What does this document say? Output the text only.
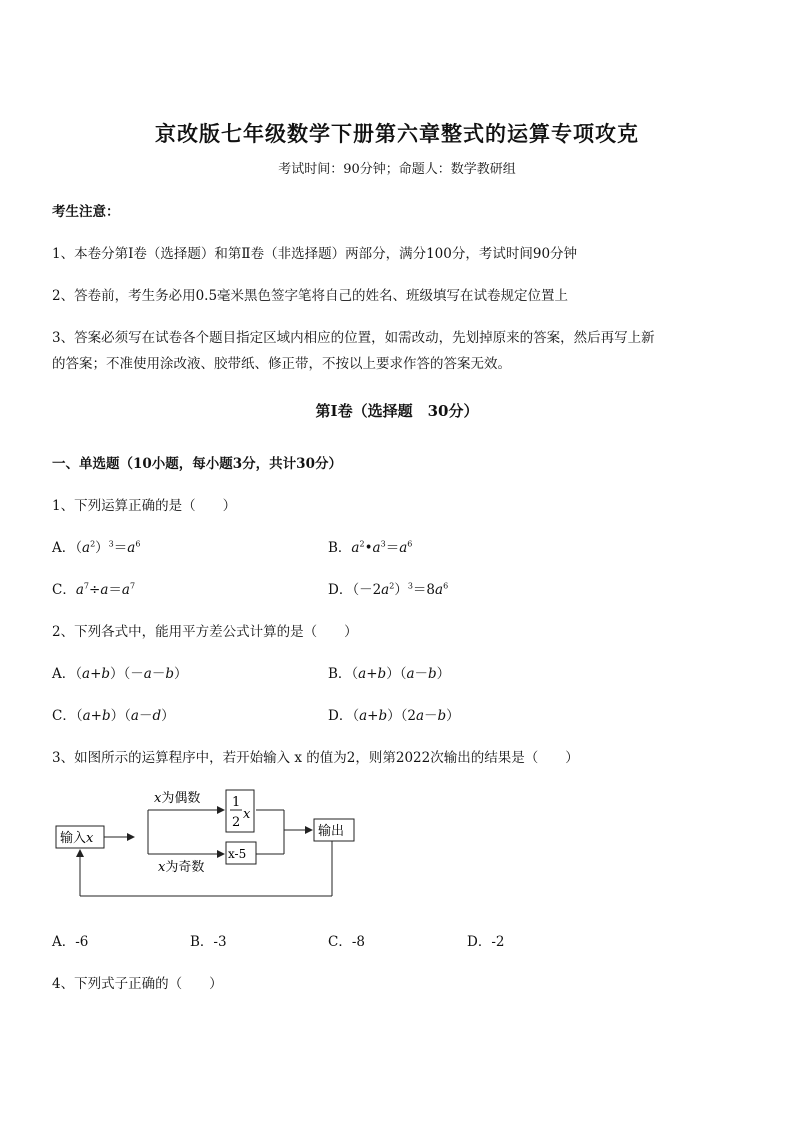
京改版七年级数学下册第六章整式的运算专项攻克
考试时间：90分钟；命题人：数学教研组
考生注意：
1、本卷分第Ⅰ卷（选择题）和第Ⅱ卷（非选择题）两部分，满分100分，考试时间90分钟
2、答卷前，考生务必用0.5毫米黑色签字笔将自己的姓名、班级填写在试卷规定位置上
3、答案必须写在试卷各个题目指定区域内相应的位置，如需改动，先划掉原来的答案，然后再写上新
的答案；不准使用涂改液、胶带纸、修正带，不按以上要求作答的答案无效。
第Ⅰ卷（选择题　30分）
一、单选题（10小题，每小题3分，共计30分）
1、下列运算正确的是（　　）
A．$(a^2)^3=a^6$	B．$a^2•a^3=a^6$
C．$a^7\div a=a^7$	D．$(-2a^2)^3=8a^6$
2、下列各式中，能用平方差公式计算的是（　　）
A．（a+b）（－a－b）	B．（a+b）（a－b）
C．（a+b）（a－d）	D．（a+b）（2a－b）
3、如图所示的运算程序中，若开始输入 x 的值为2，则第2022次输出的结果是（　　）
输入x
x为偶数
x为奇数
1
2
x
x-5
输出
A．-6	B．-3	C．-8	D．-2
4、下列式子正确的（　　）
